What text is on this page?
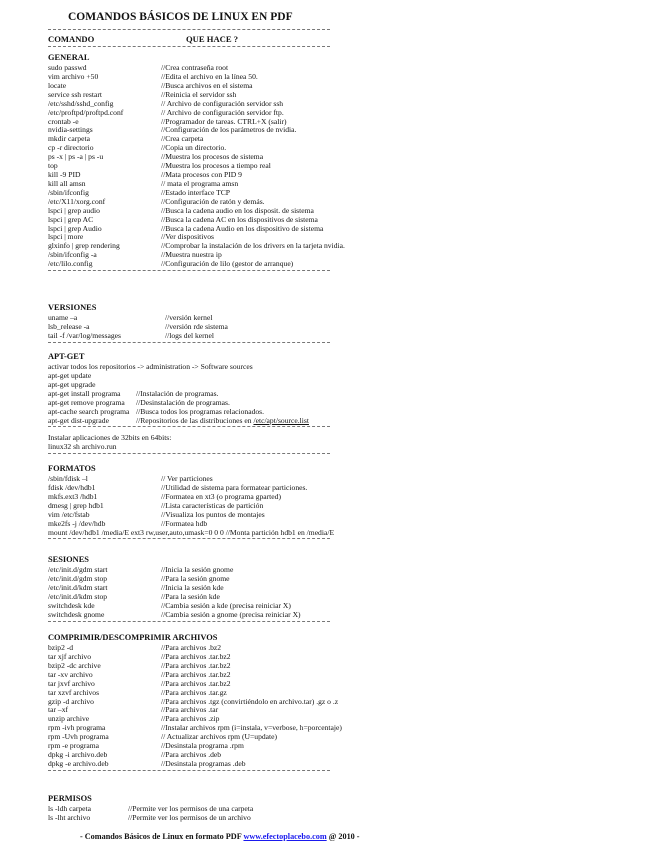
COMANDOS BÁSICOS DE LINUX EN PDF
COMANDO	QUE HACE ?
sudo passwd	//Crea contraseña root
vim archivo +50	//Edita el archivo en la línea 50.
locate	//Busca archivos en el sistema
service ssh restart	//Reinicia el servidor ssh
/etc/sshd/sshd_config	// Archivo de configuración servidor ssh
/etc/proftpd/proftpd.conf	// Archivo de configuración servidor ftp.
crontab -e	//Programador de tareas. CTRL+X (salir)
nvidia-settings	//Configuración de los parámetros de nvidia.
mkdir carpeta	//Crea carpeta
cp -r directorio	//Copia un directorio.
ps -x | ps -a | ps -u	//Muestra los procesos de sistema
top	//Muestra los procesos a tiempo real
kill -9 PID	//Mata procesos con PID 9
kill all amsn	// mata el programa amsn
/sbin/ifconfig	//Estado interface TCP
/etc/X11/xorg.conf	//Configuración de ratón y demás.
lspci | grep audio	//Busca la cadena audio en los disposit. de sistema
lspci | grep AC	//Busca la cadena AC en los dispositivos de sistema
lspci | grep Audio	//Busca la cadena Audio en los dispositivo de sistema
lspci | more	//Ver dispositivos
glxinfo | grep rendering	//Comprobar la instalación de los drivers en la tarjeta nvidia.
/sbin/ifconfig -a	//Muestra nuestra ip
/etc/lilo.config	//Configuración de lilo (gestor de arranque)
uname –a	//versión kernel
lsb_release -a	//versión rde sistema
tail -f /var/log/messages	//logs del kernel
activar todos los repositorios -> administration -> Software sources
apt-get update
apt-get upgrade
apt-get install programa //Instalación de programas.
apt-get remove programa //Desinstalación de programas.
apt-cache search programa //Busca todos los programas relacionados.
apt-get dist-upgrade	//Repositorios de las distribuciones en /etc/apt/source.list
Instalar aplicaciones de 32bits en 64bits:
linux32 sh archivo.run
/sbin/fdisk –l	// Ver particiones
fdisk /dev/hdb1	//Utilidad de sistema para formatear particiones.
mkfs.ext3 /hdb1	//Formatea en xt3 (o programa gparted)
dmesg | grep hdb1	//Lista características de partición
vim /etc/fstab	//Visualiza los puntos de montajes
mke2fs -j /dev/hdb	//Formatea hdb
mount /dev/hdb1 /media/E ext3 rw,user,auto,umask=0 0 0 //Monta partición hdb1 en /media/E
/etc/init.d/gdm start	//Inicia la sesión gnome
/etc/init.d/gdm stop	//Para la sesión gnome
/etc/init.d/kdm start	//Inicia la sesión kde
/etc/init.d/kdm stop	//Para la sesión kde
switchdesk kde	//Cambia sesión a kde (precisa reiniciar X)
switchdesk gnome	//Cambia sesión a gnome (precisa reiniciar X)
bzip2 -d	//Para archivos .bz2
tar xjf archivo	//Para archivos .tar.bz2
bzip2 -dc archive	//Para archivos .tar.bz2
tar -xv archivo	//Para archivos .tar.bz2
tar jxvf archivo	//Para archivos .tar.bz2
tar xzvf archivos	//Para archivos .tar.gz
gzip -d archivo	//Para archivos .tgz (convirtiéndolo en archivo.tar) .gz o .z
tar –xf	//Para archivos .tar
unzip archive	//Para archivos .zip
rpm -ivh programa	//Instalar archivos rpm (i=instala, v=verbose, h=porcentaje)
rpm -Uvh programa	// Actualizar archivos rpm (U=update)
rpm -e programa	//Desinstala programa .rpm
dpkg -i archivo.deb	//Para archivos .deb
dpkg -e archivo.deb	//Desinstala programas .deb
ls -ldh carpeta	//Permite ver los permisos de una carpeta
ls -lht archivo	//Permite ver los permisos de un archivo
- Comandos Básicos de Linux en formato PDF www.efectoplacebo.com @ 2010 -
GENERAL
VERSIONES
APT-GET
FORMATOS
SESIONES
COMPRIMIR/DESCOMPRIMIR ARCHIVOS
PERMISOS
